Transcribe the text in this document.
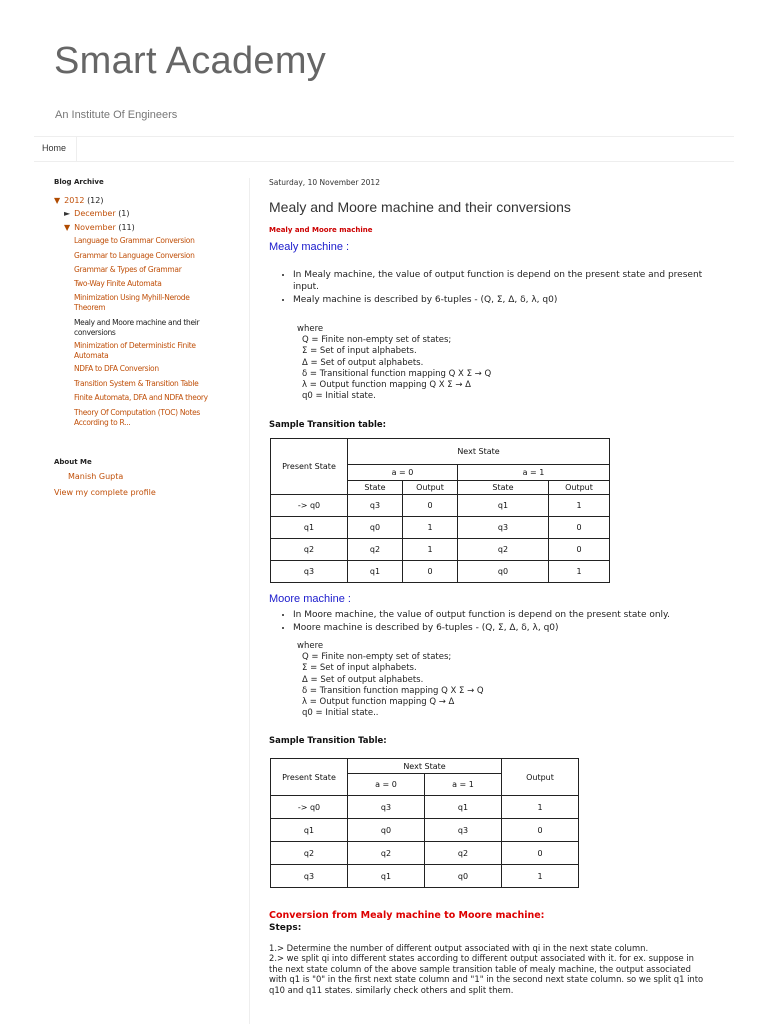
Smart Academy
An Institute Of Engineers
Home
Blog Archive
▼ 2012 (12)
► December (1)
▼ November (11)
Language to Grammar Conversion
Grammar to Language Conversion
Grammar & Types of Grammar
Two-Way Finite Automata
Minimization Using Myhill-Nerode Theorem
Mealy and Moore machine and their conversions
Minimization of Deterministic Finite Automata
NDFA to DFA Conversion
Transition System & Transition Table
Finite Automata, DFA and NDFA theory
Theory Of Computation (TOC) Notes According to R...
About Me
Manish Gupta
View my complete profile
Saturday, 10 November 2012
Mealy and Moore machine and their conversions
Mealy and Moore machine
Mealy machine :
• In Mealy machine, the value of output function is depend on the present state and present input.
• Mealy machine is described by 6-tuples - (Q, Σ, Δ, δ, λ, q0)
where
Q = Finite non-empty set of states;
Σ = Set of input alphabets.
Δ = Set of output alphabets.
δ = Transitional function mapping Q X Σ → Q
λ = Output function mapping Q X Σ → Δ
q0 = Initial state.
Sample Transition table:
Present State	Next State			
	a = 0		a = 1	
	State	Output	State	Output
-> q0	q3	0	q1	1
q1	q0	1	q3	0
q2	q2	1	q2	0
q3	q1	0	q0	1
Moore machine :
• In Moore machine, the value of output function is depend on the present state only.
• Moore machine is described by 6-tuples - (Q, Σ, Δ, δ, λ, q0)
where
Q = Finite non-empty set of states;
Σ = Set of input alphabets.
Δ = Set of output alphabets.
δ = Transition function mapping Q X Σ → Q
λ = Output function mapping Q → Δ
q0 = Initial state..
Sample Transition Table:
Present State	Next State		Output
	a = 0	a = 1	
-> q0	q3	q1	1
q1	q0	q3	0
q2	q2	q2	0
q3	q1	q0	1
Conversion from Mealy machine to Moore machine:
Steps:
1.> Determine the number of different output associated with qi in the next state column.
2.> we split qi into different states according to different output associated with it. for ex. suppose in the next state column of the above sample transition table of mealy machine, the output associated with q1 is "0" in the first next state column and "1" in the second next state column. so we split q1 into q10 and q11 states. similarly check others and split them.
